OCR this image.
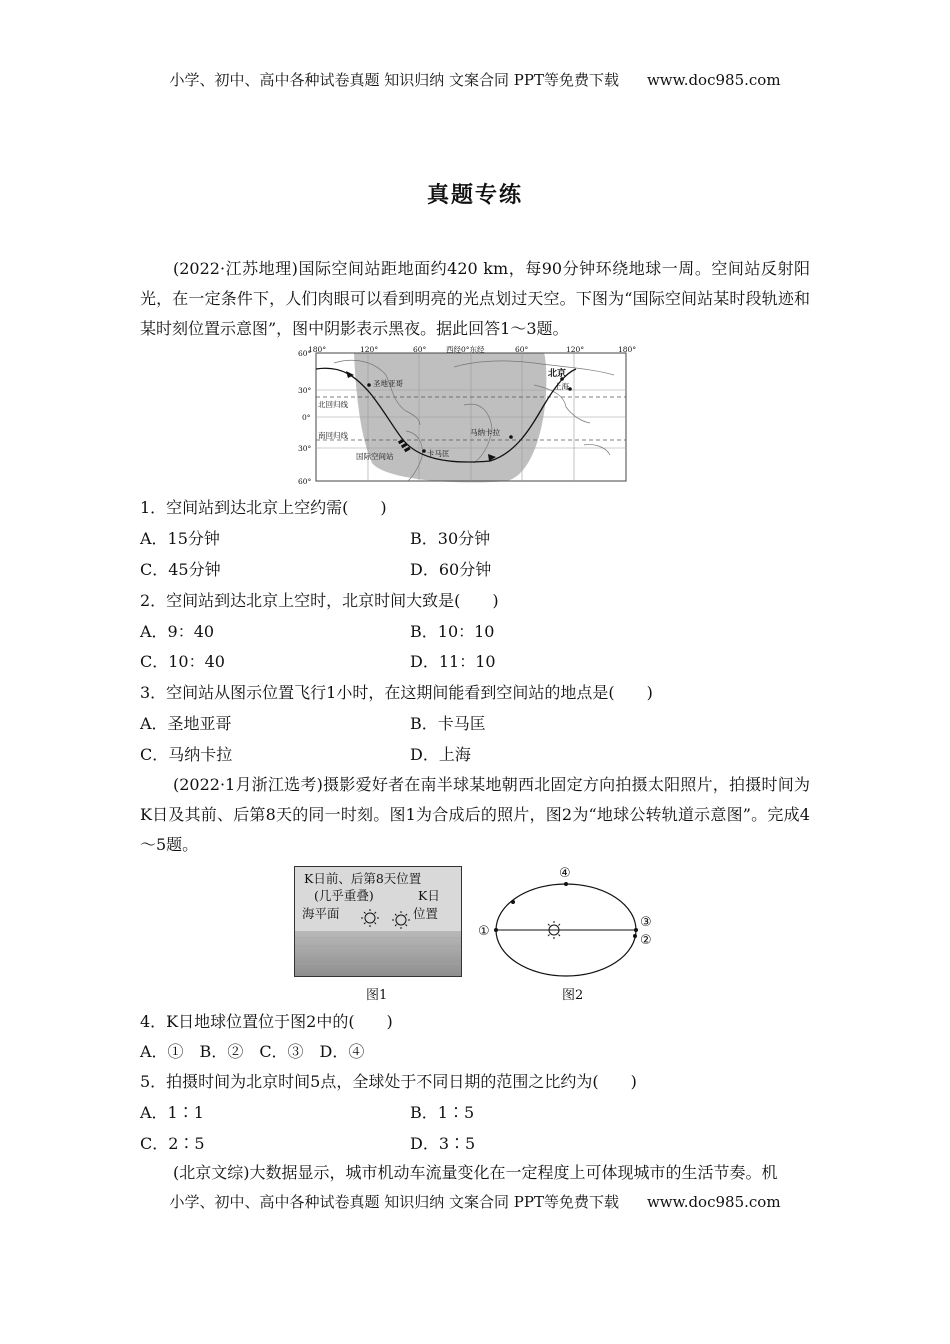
小学、初中、高中各种试卷真题 知识归纳 文案合同 PPT等免费下载 www.doc985.com
真题专练

(2022·江苏地理)国际空间站距地面约420 km，每90分钟环绕地球一周。空间站反射阳光，在一定条件下，人们肉眼可以看到明亮的光点划过天空。下图为“国际空间站某时段轨迹和某时刻位置示意图”，图中阴影表示黑夜。据此回答1～3题。

180°	120°	60°	西经0°东经	60°	120°	180°
60°
30°
0°
30°
60°
北回归线
南回归线
圣地亚哥
北京
上海
马纳卡拉
卡马匡
国际空间站
1．空间站到达北京上空约需(　　)
A．15分钟	B．30分钟
C．45分钟	D．60分钟
2．空间站到达北京上空时，北京时间大致是(　　)
A．9：40	B．10：10
C．10：40	D．11：10
3．空间站从图示位置飞行1小时，在这期间能看到空间站的地点是(　　)
A．圣地亚哥	B．卡马匡
C．马纳卡拉	D．上海

(2022·1月浙江选考)摄影爱好者在南半球某地朝西北固定方向拍摄太阳照片，拍摄时间为K日及其前、后第8天的同一时刻。图1为合成后的照片，图2为“地球公转轨道示意图”。完成4～5题。

K日前、后第8天位置
(几乎重叠)	K日
海平面	位置
图1
①
②
③
④
图2
4．K日地球位置位于图2中的(　　)
A．①　B．②　C．③　D．④
5．拍摄时间为北京时间5点，全球处于不同日期的范围之比约为(　　)
A．1∶1	B．1∶5
C．2∶5	D．3∶5

(北京文综)大数据显示，城市机动车流量变化在一定程度上可体现城市的生活节奏。机

小学、初中、高中各种试卷真题 知识归纳 文案合同 PPT等免费下载 www.doc985.com
